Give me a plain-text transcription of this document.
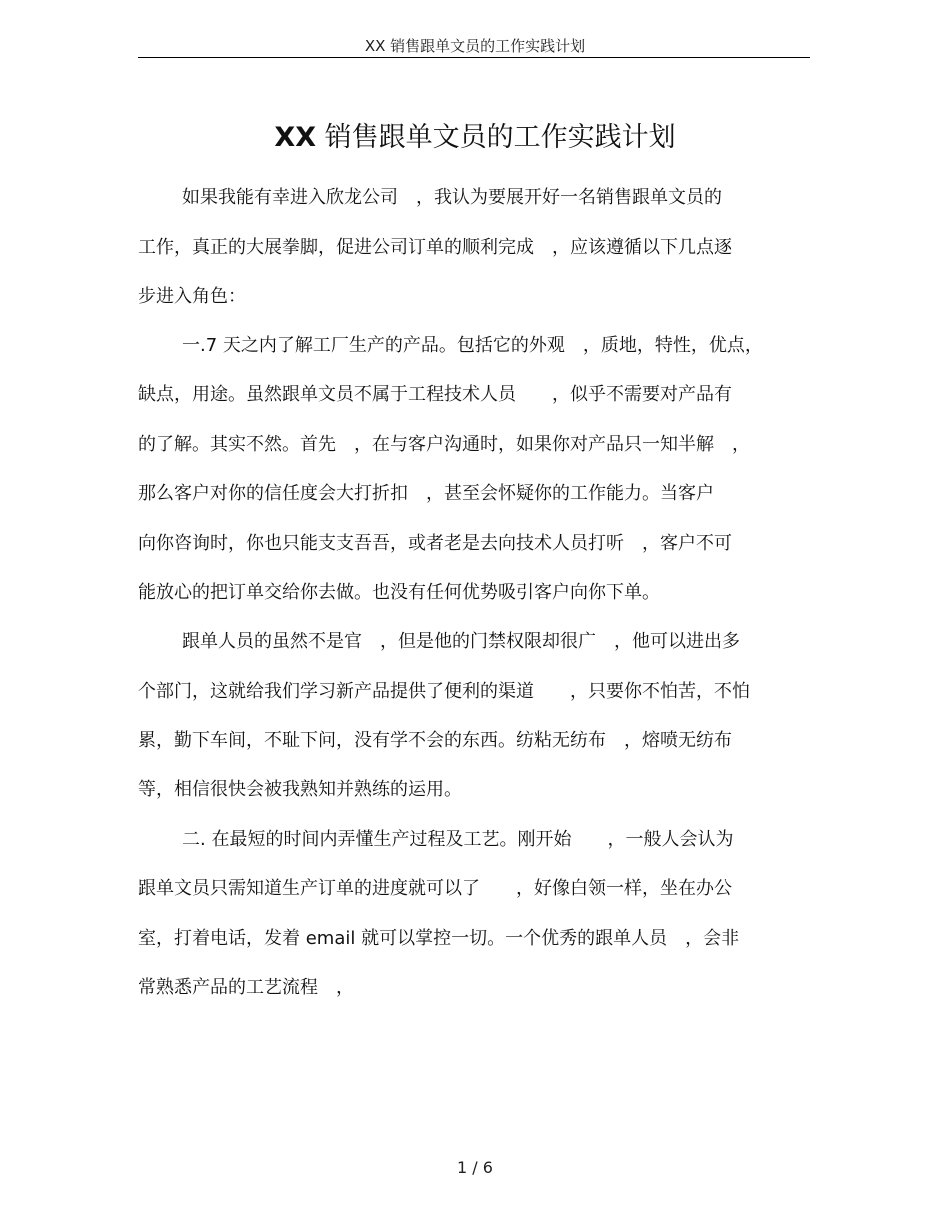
XX 销售跟单文员的工作实践计划
XX 销售跟单文员的工作实践计划
如果我能有幸进入欣龙公司　，我认为要展开好一名销售跟单文员的
工作，真正的大展拳脚，促进公司订单的顺利完成　，应该遵循以下几点逐
步进入角色：
一.7 天之内了解工厂生产的产品。包括它的外观　，质地，特性，优点，
缺点，用途。虽然跟单文员不属于工程技术人员　　，似乎不需要对产品有
的了解。其实不然。首先　，在与客户沟通时，如果你对产品只一知半解　，
那么客户对你的信任度会大打折扣　，甚至会怀疑你的工作能力。当客户
向你咨询时，你也只能支支吾吾，或者老是去向技术人员打听　，客户不可
能放心的把订单交给你去做。也没有任何优势吸引客户向你下单。
跟单人员的虽然不是官　，但是他的门禁权限却很广　，他可以进出多
个部门，这就给我们学习新产品提供了便利的渠道　　，只要你不怕苦，不怕
累，勤下车间，不耻下问，没有学不会的东西。纺粘无纺布　，熔喷无纺布
等，相信很快会被我熟知并熟练的运用。
二. 在最短的时间内弄懂生产过程及工艺。刚开始　　，一般人会认为
跟单文员只需知道生产订单的进度就可以了　　，好像白领一样，坐在办公
室，打着电话，发着 email 就可以掌控一切。一个优秀的跟单人员　，会非
常熟悉产品的工艺流程　，
1 / 6
